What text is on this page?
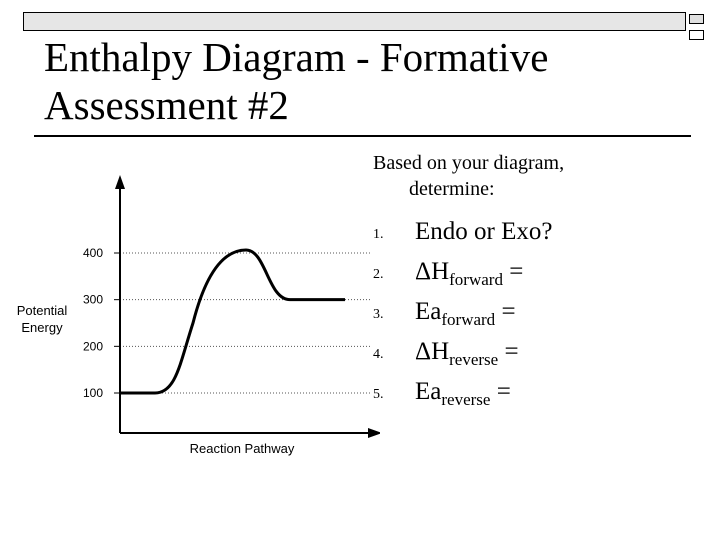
Enthalpy Diagram - Formative Assessment #2
100
200
300
400
Reaction Pathway
Potential Energy
Based on your diagram,
determine:
1.	Endo or Exo?
2.	$\Delta H_{forward}$ =
3.	$Ea_{forward}$ =
4.	$\Delta H_{reverse}$ =
5.	$Ea_{reverse}$ =
